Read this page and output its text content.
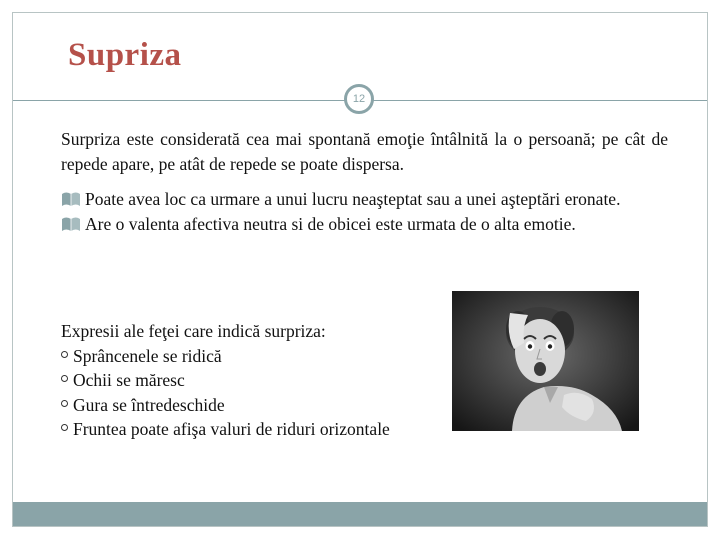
Supriza
12

Surpriza este considerată cea mai spontană emoţie întâlnită la o persoană; pe cât de repede apare, pe atât de repede se poate dispersa.

Poate avea loc ca urmare a unui lucru neaşteptat sau a unei aşteptări eronate.
Are o valenta afectiva neutra si de obicei este urmata de o alta emotie.

Expresii ale feţei care indică surpriza:

Sprâncenele se ridică
Ochii se măresc
Gura se întredeschide
Fruntea poate afişa valuri de riduri orizontale
